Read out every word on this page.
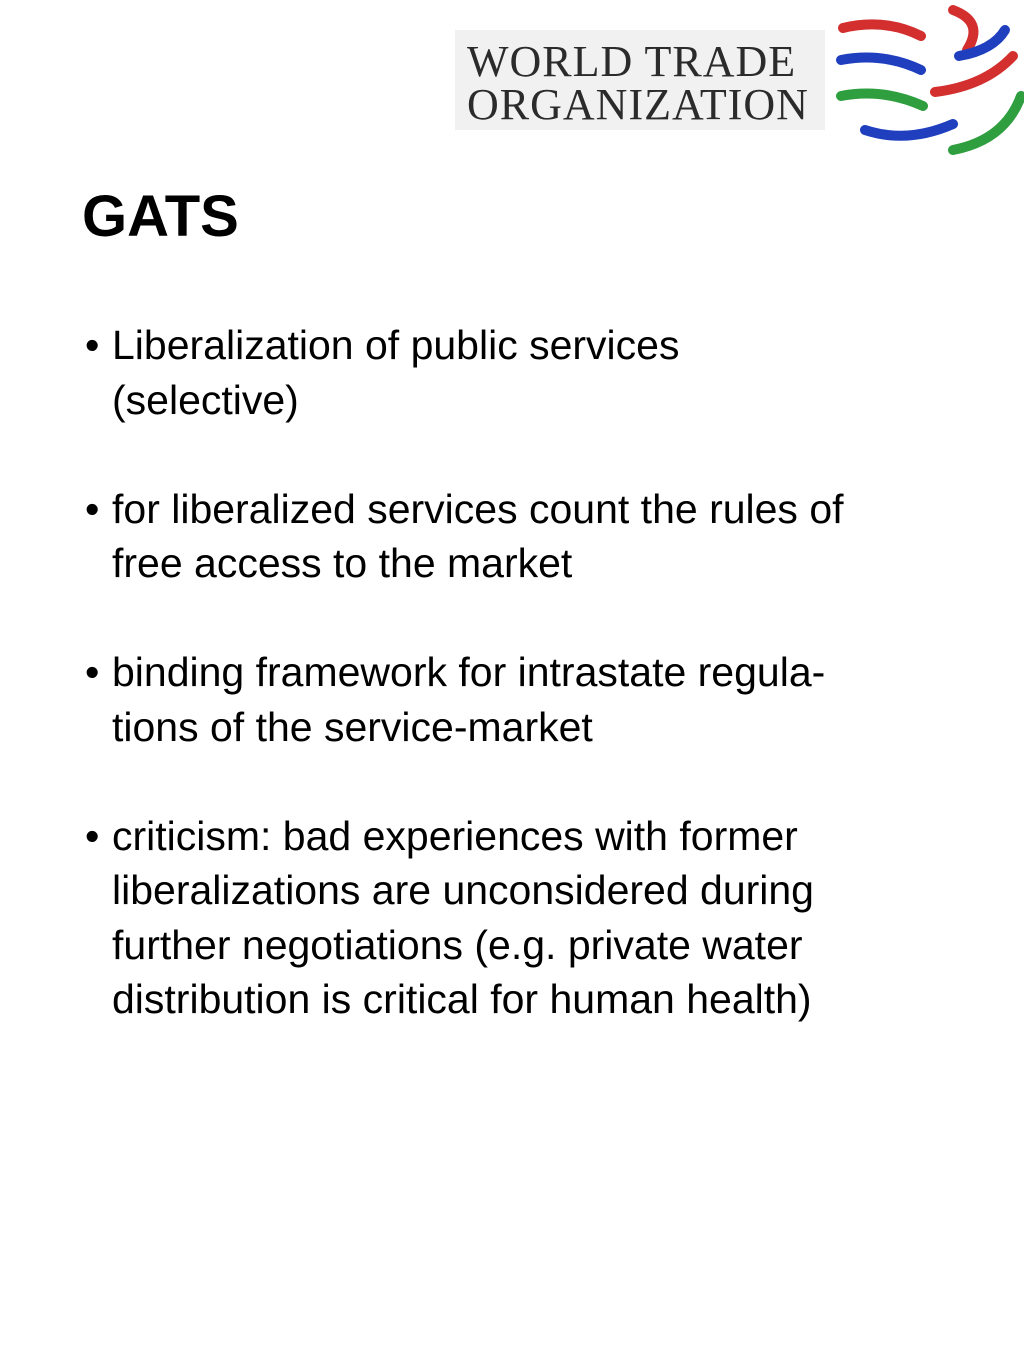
WORLD TRADE
ORGANIZATION
GATS
• Liberalization of public services
(selective)
• for liberalized services count the rules of
free access to the market
• binding framework for intrastate regula-
tions of the service-market
• criticism: bad experiences with former
liberalizations are unconsidered during
further negotiations (e.g. private water
distribution is critical for human health)
